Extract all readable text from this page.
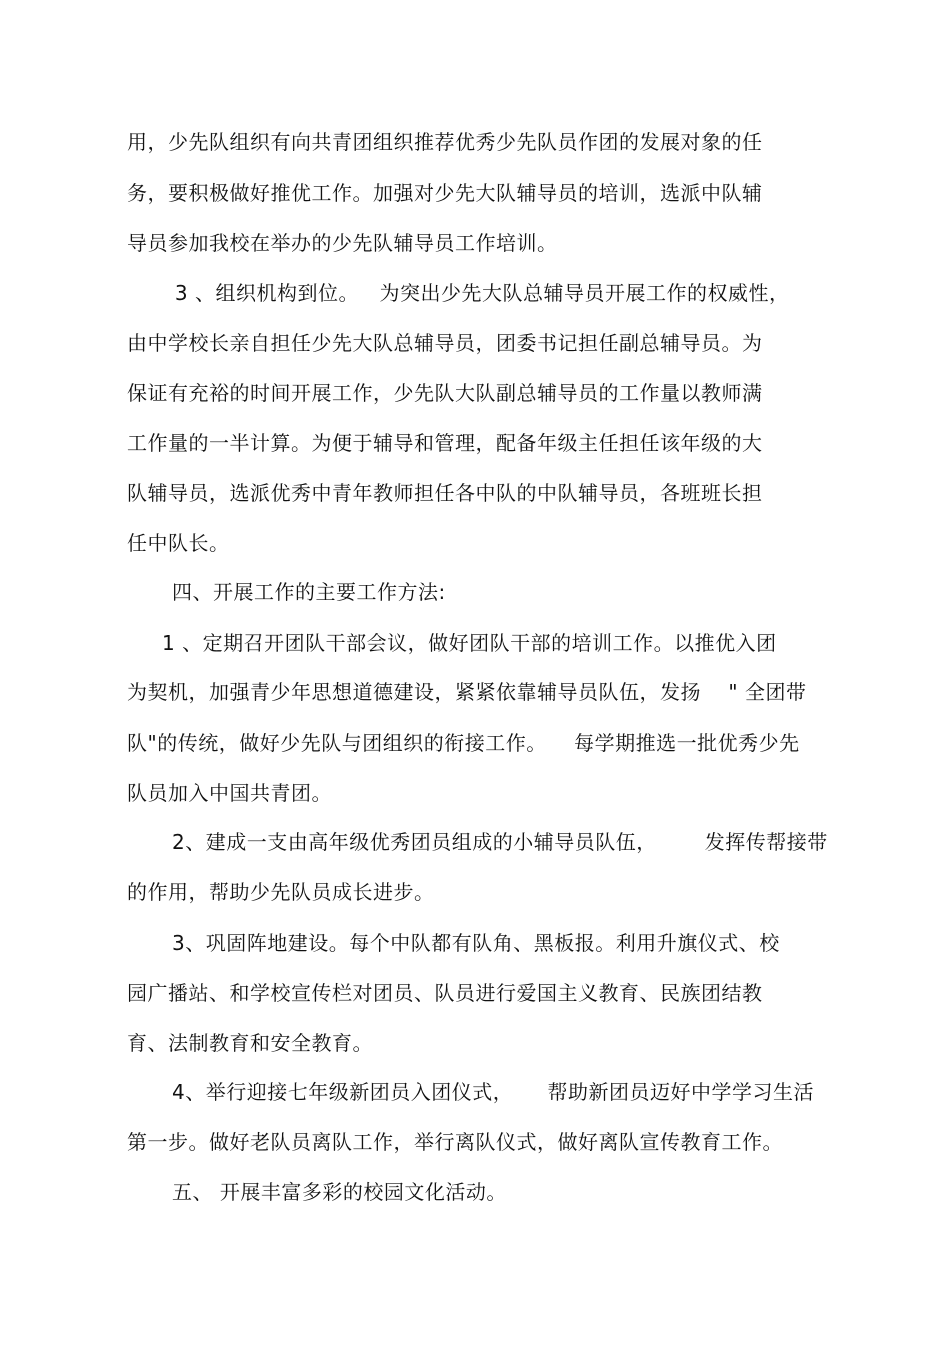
用，少先队组织有向共青团组织推荐优秀少先队员作团的发展对象的任
务，要积极做好推优工作。加强对少先大队辅导员的培训，选派中队辅
导员参加我校在举办的少先队辅导员工作培训。
3 、组织机构到位。   为突出少先大队总辅导员开展工作的权威性，
由中学校长亲自担任少先大队总辅导员，团委书记担任副总辅导员。为
保证有充裕的时间开展工作，少先队大队副总辅导员的工作量以教师满
工作量的一半计算。为便于辅导和管理，配备年级主任担任该年级的大
队辅导员，选派优秀中青年教师担任各中队的中队辅导员，各班班长担
任中队长。
四、开展工作的主要工作方法:
1 、定期召开团队干部会议，做好团队干部的培训工作。以推优入团
为契机，加强青少年思想道德建设，紧紧依靠辅导员队伍，发扬    " 全团带
队"的传统，做好少先队与团组织的衔接工作。    每学期推选一批优秀少先
队员加入中国共青团。
2、建成一支由高年级优秀团员组成的小辅导员队伍，       发挥传帮接带
的作用，帮助少先队员成长进步。
3、巩固阵地建设。每个中队都有队角、黑板报。利用升旗仪式、校
园广播站、和学校宣传栏对团员、队员进行爱国主义教育、民族团结教
育、法制教育和安全教育。
4、举行迎接七年级新团员入团仪式，     帮助新团员迈好中学学习生活
第一步。做好老队员离队工作，举行离队仪式，做好离队宣传教育工作。
五、 开展丰富多彩的校园文化活动。
